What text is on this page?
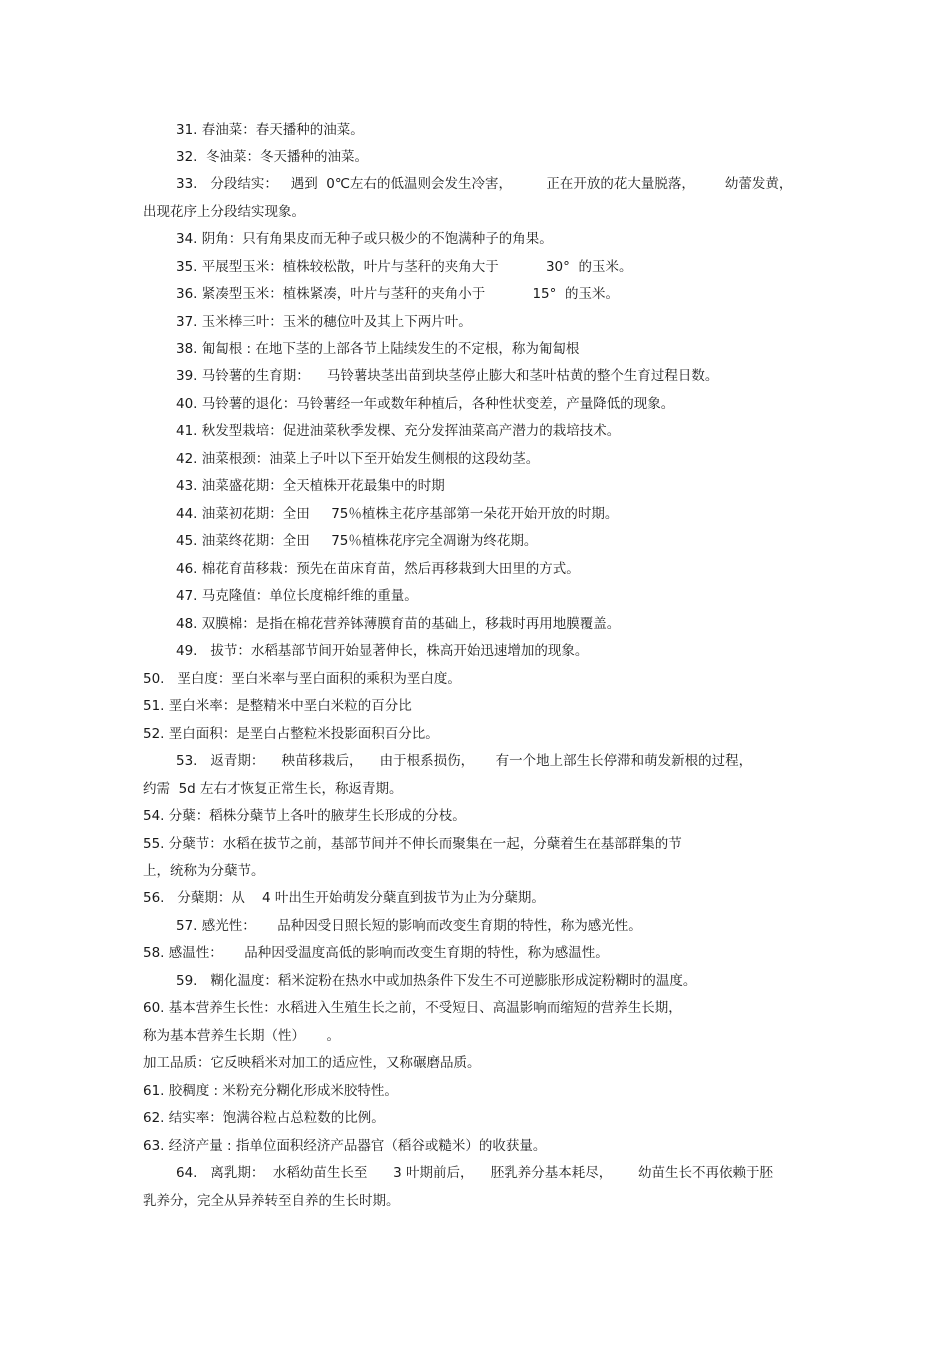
31. 春油菜：春天播种的油菜。
32.  冬油菜：冬天播种的油菜。
33.   分段结实：   遇到  0℃左右的低温则会发生冷害，        正在开放的花大量脱落，       幼蕾发黄，
出现花序上分段结实现象。
34. 阴角：只有角果皮而无种子或只极少的不饱满种子的角果。
35. 平展型玉米：植株较松散，叶片与茎秆的夹角大于           30°  的玉米。
36. 紧凑型玉米：植株紧凑，叶片与茎秆的夹角小于           15°  的玉米。
37. 玉米棒三叶：玉米的穗位叶及其上下两片叶。
38. 匍匐根 : 在地下茎的上部各节上陆续发生的不定根，称为匍匐根
39. 马铃薯的生育期：    马铃薯块茎出苗到块茎停止膨大和茎叶枯黄的整个生育过程日数。
40. 马铃薯的退化：马铃薯经一年或数年种植后，各种性状变差，产量降低的现象。
41. 秋发型栽培：促进油菜秋季发棵、充分发挥油菜高产潜力的栽培技术。
42. 油菜根颈：油菜上子叶以下至开始发生侧根的这段幼茎。
43. 油菜盛花期：全天植株开花最集中的时期
44. 油菜初花期：全田     75％植株主花序基部第一朵花开始开放的时期。
45. 油菜终花期：全田     75％植株花序完全凋谢为终花期。
46. 棉花育苗移栽：预先在苗床育苗，然后再移栽到大田里的方式。
47. 马克隆值：单位长度棉纤维的重量。
48. 双膜棉：是指在棉花营养钵薄膜育苗的基础上，移栽时再用地膜覆盖。
49.   拔节：水稻基部节间开始显著伸长，株高开始迅速增加的现象。
50.   垩白度：垩白米率与垩白面积的乘积为垩白度。
51. 垩白米率：是整精米中垩白米粒的百分比
52. 垩白面积：是垩白占整粒米投影面积百分比。
53.   返青期：    秧苗移栽后，    由于根系损伤，     有一个地上部生长停滞和萌发新根的过程，
约需  5d 左右才恢复正常生长，称返青期。
54. 分蘖：稻株分蘖节上各叶的腋芽生长形成的分枝。
55. 分蘖节：水稻在拔节之前，基部节间并不伸长而聚集在一起，分蘖着生在基部群集的节
上，统称为分蘖节。
56.   分蘖期：从    4 叶出生开始萌发分蘖直到拔节为止为分蘖期。
57. 感光性：     品种因受日照长短的影响而改变生育期的特性，称为感光性。
58. 感温性：     品种因受温度高低的影响而改变生育期的特性，称为感温性。
59.   糊化温度：稻米淀粉在热水中或加热条件下发生不可逆膨胀形成淀粉糊时的温度。
60. 基本营养生长性：水稻进入生殖生长之前，不受短日、高温影响而缩短的营养生长期，
称为基本营养生长期（性）     。
加工品质：它反映稻米对加工的适应性，又称碾磨品质。
61. 胶稠度 : 米粉充分糊化形成米胶特性。
62. 结实率：饱满谷粒占总粒数的比例。
63. 经济产量 : 指单位面积经济产品器官（稻谷或糙米）的收获量。
64.   离乳期：  水稻幼苗生长至      3 叶期前后，    胚乳养分基本耗尽，      幼苗生长不再依赖于胚
乳养分，完全从异养转至自养的生长时期。
